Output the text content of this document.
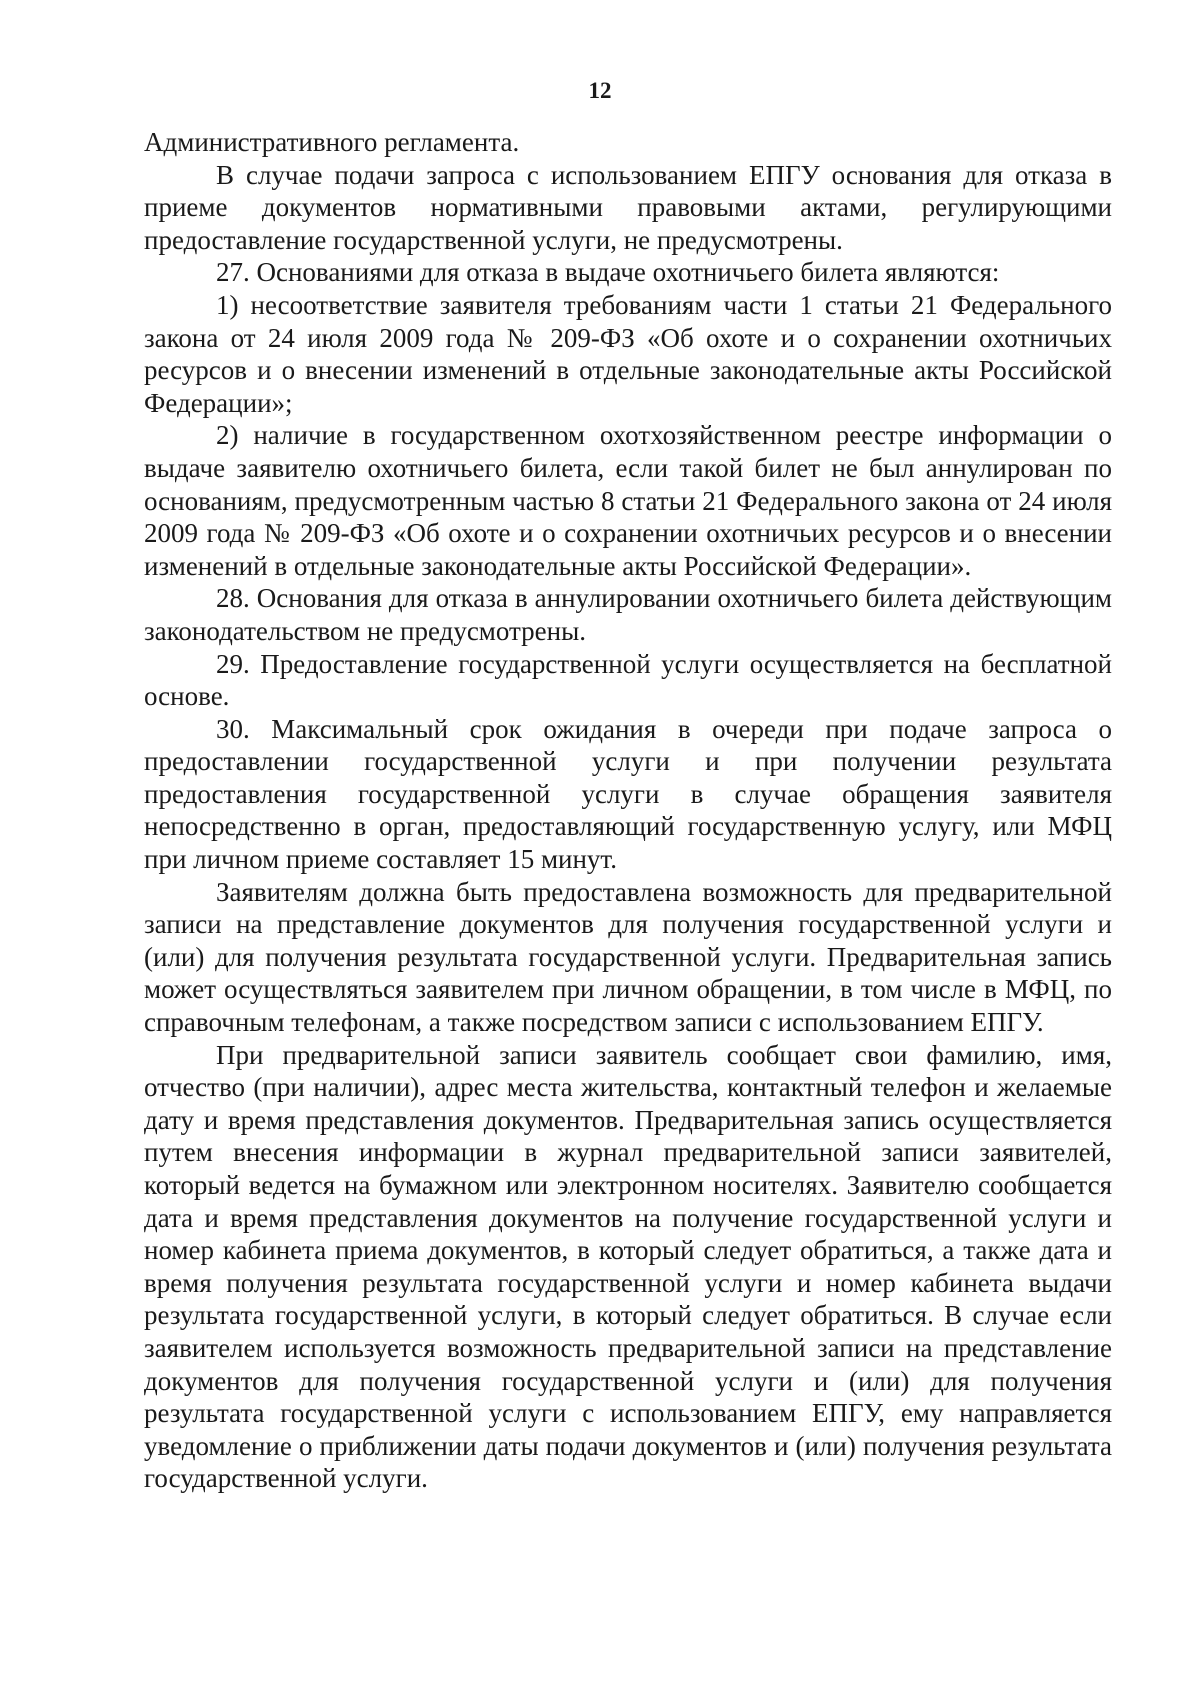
12

Административного регламента.

В случае подачи запроса с использованием ЕПГУ основания для отказа в приеме документов нормативными правовыми актами, регулирующими предоставление государственной услуги, не предусмотрены.

27. Основаниями для отказа в выдаче охотничьего билета являются:

1) несоответствие заявителя требованиям части 1 статьи 21 Федерального закона от 24 июля 2009 года № 209-ФЗ «Об охоте и о сохранении охотничьих ресурсов и о внесении изменений в отдельные законодательные акты Российской Федерации»;

2) наличие в государственном охотхозяйственном реестре информации о выдаче заявителю охотничьего билета, если такой билет не был аннулирован по основаниям, предусмотренным частью 8 статьи 21 Федерального закона от 24 июля 2009 года № 209-ФЗ «Об охоте и о сохранении охотничьих ресурсов и о внесении изменений в отдельные законодательные акты Российской Федерации».

28. Основания для отказа в аннулировании охотничьего билета действующим законодательством не предусмотрены.

29. Предоставление государственной услуги осуществляется на бесплатной основе.

30. Максимальный срок ожидания в очереди при подаче запроса о предоставлении государственной услуги и при получении результата предоставления государственной услуги в случае обращения заявителя непосредственно в орган, предоставляющий государственную услугу, или МФЦ при личном приеме составляет 15 минут.

Заявителям должна быть предоставлена возможность для предварительной записи на представление документов для получения государственной услуги и (или) для получения результата государственной услуги. Предварительная запись может осуществляться заявителем при личном обращении, в том числе в МФЦ, по справочным телефонам, а также посредством записи с использованием ЕПГУ.

При предварительной записи заявитель сообщает свои фамилию, имя, отчество (при наличии), адрес места жительства, контактный телефон и желаемые дату и время представления документов. Предварительная запись осуществляется путем внесения информации в журнал предварительной записи заявителей, который ведется на бумажном или электронном носителях. Заявителю сообщается дата и время представления документов на получение государственной услуги и номер кабинета приема документов, в который следует обратиться, а также дата и время получения результата государственной услуги и номер кабинета выдачи результата государственной услуги, в который следует обратиться. В случае если заявителем используется возможность предварительной записи на представление документов для получения государственной услуги и (или) для получения результата государственной услуги с использованием ЕПГУ, ему направляется уведомление о приближении даты подачи документов и (или) получения результата государственной услуги.
